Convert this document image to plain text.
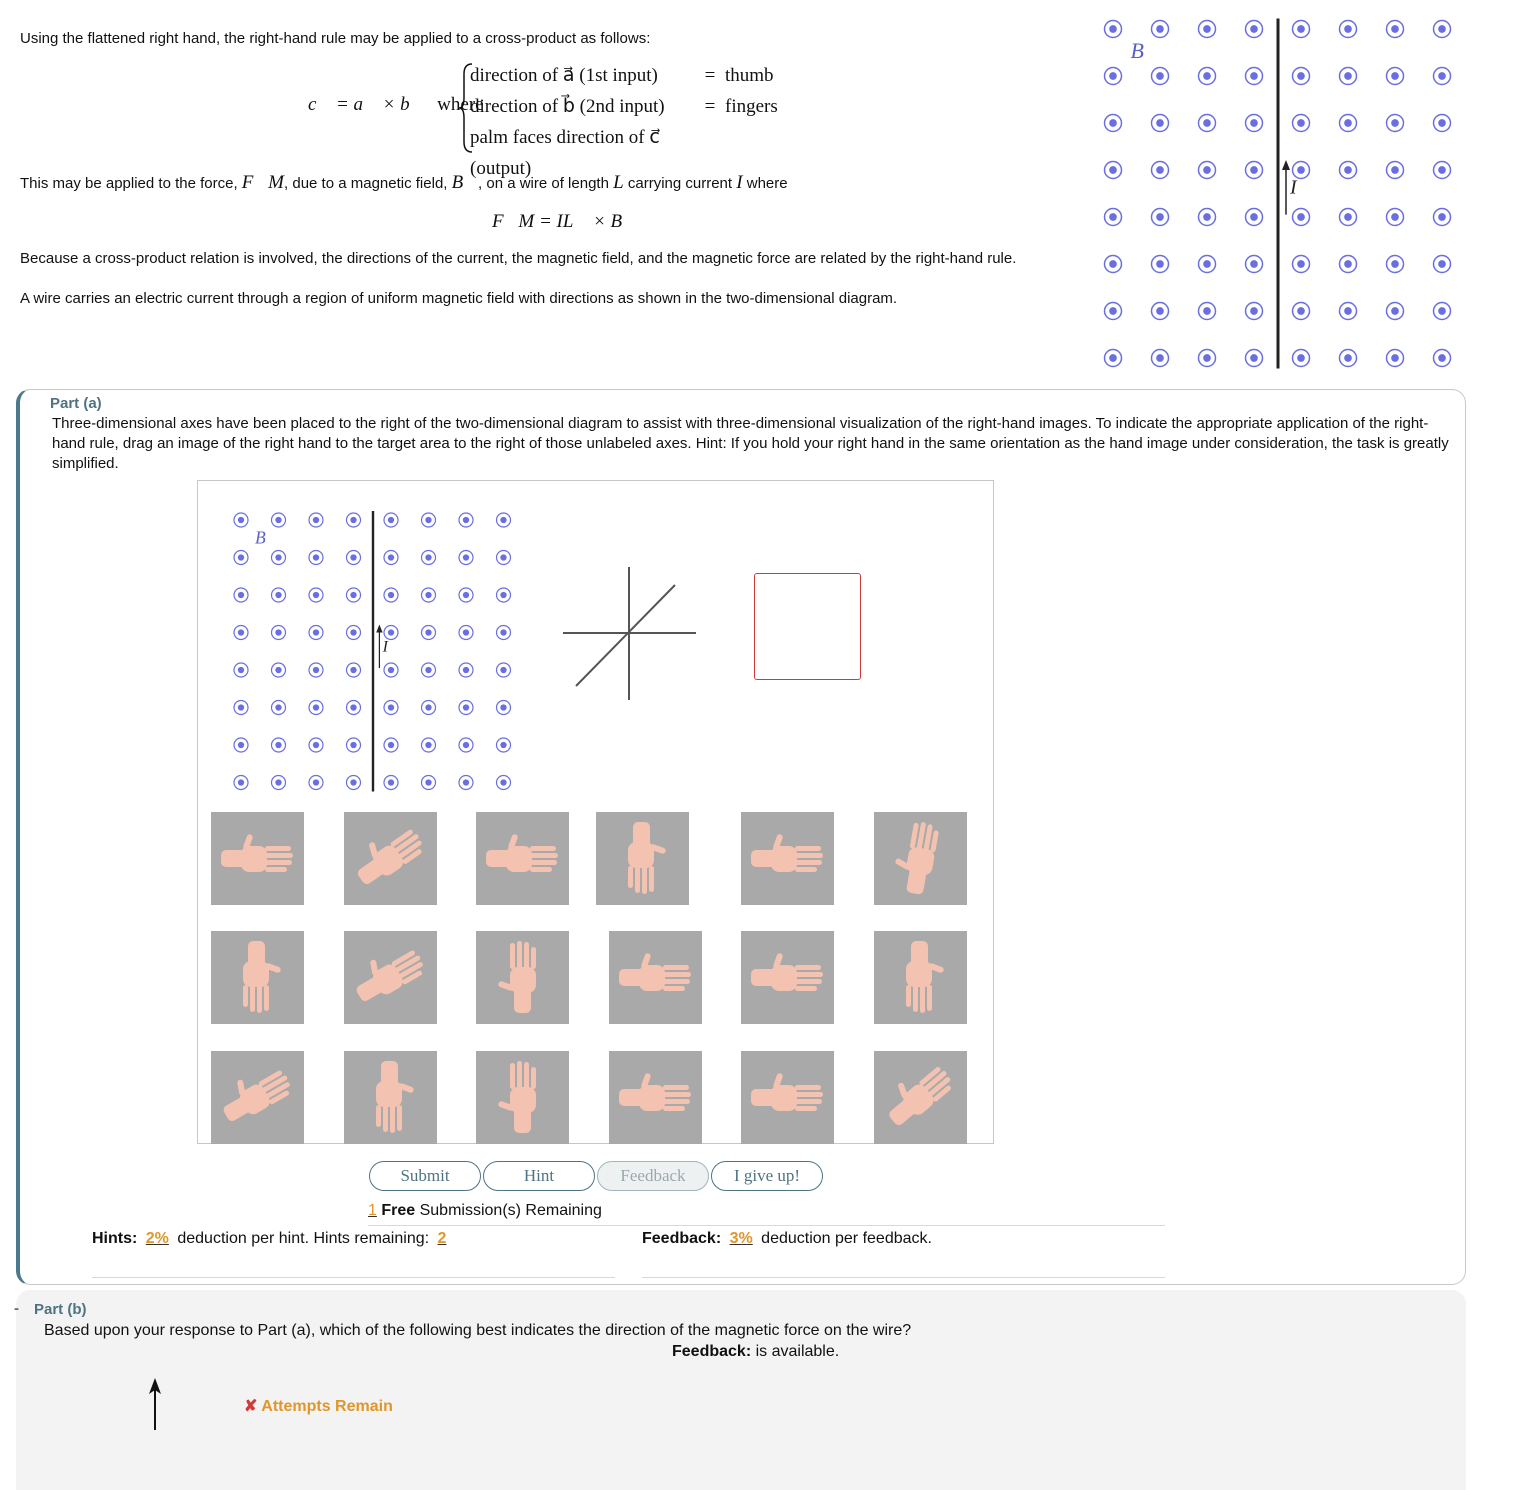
Using the flattened right hand, the right-hand rule may be applied to a cross-product as follows:
c⃗ = a⃗ × b⃗ where
direction of a⃗ (1st input)	= thumb
direction of b⃗ (2nd input)	= fingers
palm faces direction of c⃗ (output)
This may be applied to the force, F⃗M, due to a magnetic field, B⃗, on a wire of length L carrying current I where
F⃗M = IL⃗ × B⃗
Because a cross-product relation is involved, the directions of the current, the magnetic field, and the magnetic force are related by the right-hand rule.
A wire carries an electric current through a region of uniform magnetic field with directions as shown in the two-dimensional diagram.
B⃗
I
Part (a)
Three-dimensional axes have been placed to the right of the two-dimensional diagram to assist with three-dimensional visualization of the right-hand images. To indicate the appropriate application of the right-hand rule, drag an image of the right hand to the target area to the right of those unlabeled axes. Hint: If you hold your right hand in the same orientation as the hand image under consideration, the task is greatly simplified.
B⃗
I
Submit	Hint	Feedback	I give up!
1 Free Submission(s) Remaining
Hints: 2% deduction per hint. Hints remaining: 2	Feedback: 3% deduction per feedback.
- Part (b)
Based upon your response to Part (a), which of the following best indicates the direction of the magnetic force on the wire?
Feedback: is available.
✘ Attempts Remain
